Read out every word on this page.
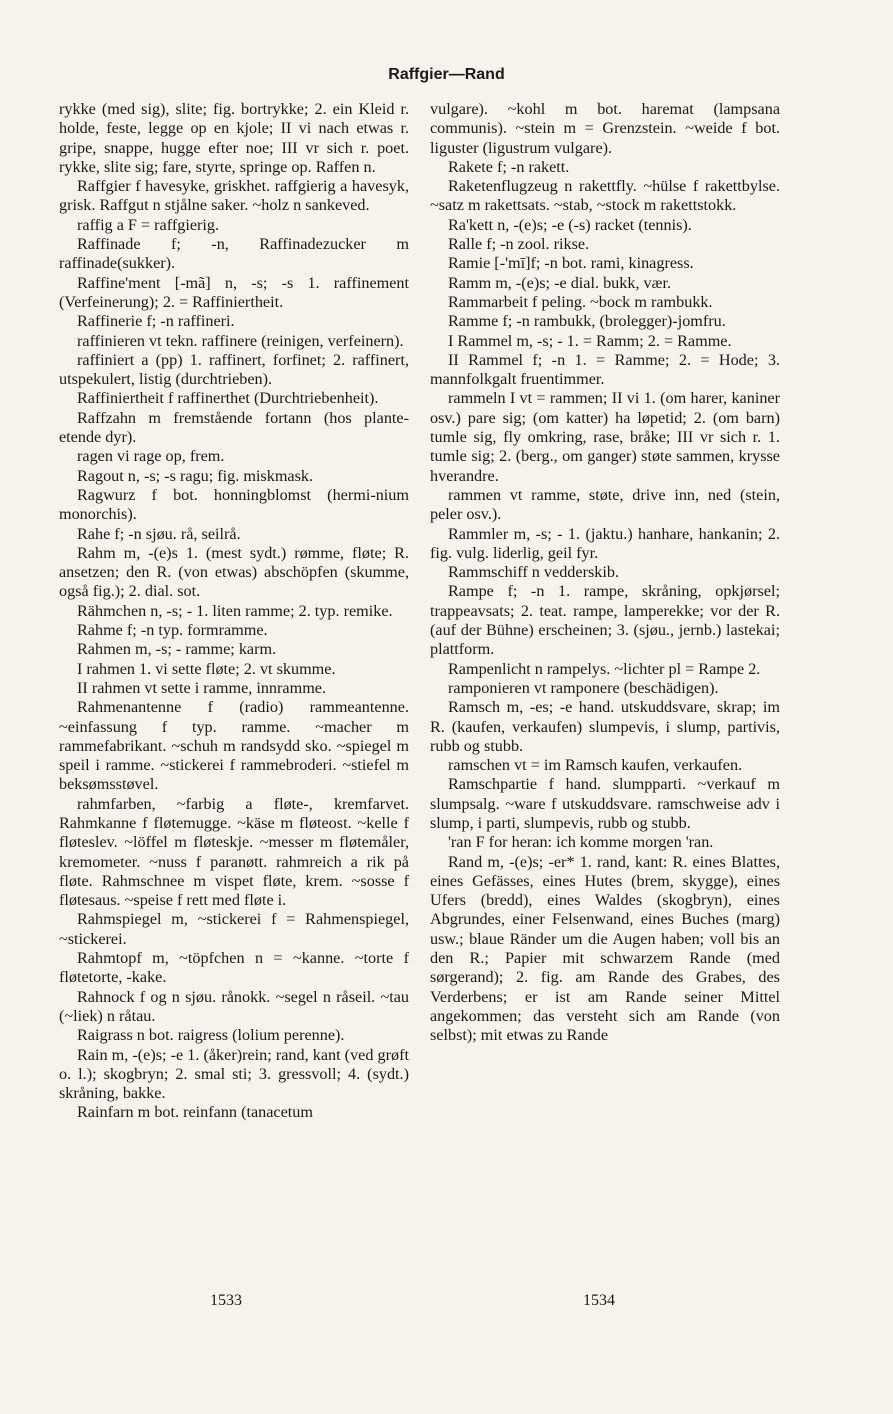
Raffgier—Rand

rykke (med sig), slite; fig. bortrykke; 2. ein Kleid r. holde, feste, legge op en kjole; II vi nach etwas r. gripe, snappe, hugge efter noe; III vr sich r. poet. rykke, slite sig; fare, styrte, springe op. Raffen n.

Raffgier f havesyke, griskhet. raffgierig a havesyk, grisk. Raffgut n stjålne saker. ~holz n sankeved.

raffig a F = raffgierig.

Raffinade f; -n, Raffinadezucker m raffinade(sukker).

Raffine'ment [-mã] n, -s; -s 1. raffinement (Verfeinerung); 2. = Raffiniertheit.

Raffinerie f; -n raffineri.

raffinieren vt tekn. raffinere (reinigen, verfeinern).

raffiniert a (pp) 1. raffinert, forfinet; 2. raffinert, utspekulert, listig (durchtrieben).

Raffiniertheit f raffinerthet (Durchtriebenheit).

Raffzahn m fremstående fortann (hos plante-etende dyr).

ragen vi rage op, frem.

Ragout n, -s; -s ragu; fig. miskmask.

Ragwurz f bot. honningblomst (hermi-nium monorchis).

Rahe f; -n sjøu. rå, seilrå.

Rahm m, -(e)s 1. (mest sydt.) rømme, fløte; R. ansetzen; den R. (von etwas) abschöpfen (skumme, også fig.); 2. dial. sot.

Rähmchen n, -s; - 1. liten ramme; 2. typ. remike.

Rahme f; -n typ. formramme.

Rahmen m, -s; - ramme; karm.

I rahmen 1. vi sette fløte; 2. vt skumme.

II rahmen vt sette i ramme, innramme.

Rahmenantenne f (radio) rammeantenne. ~einfassung f typ. ramme. ~macher m rammefabrikant. ~schuh m randsydd sko. ~spiegel m speil i ramme. ~stickerei f rammebroderi. ~stiefel m beksømsstøvel.

rahmfarben, ~farbig a fløte-, kremfarvet. Rahmkanne f fløtemugge. ~käse m fløteost. ~kelle f fløteslev. ~löffel m fløteskje. ~messer m fløtemåler, kremometer. ~nuss f paranøtt. rahmreich a rik på fløte. Rahmschnee m vispet fløte, krem. ~sosse f fløtesaus. ~speise f rett med fløte i.

Rahmspiegel m, ~stickerei f = Rahmenspiegel, ~stickerei.

Rahmtopf m, ~töpfchen n = ~kanne. ~torte f fløtetorte, -kake.

Rahnock f og n sjøu. rånokk. ~segel n råseil. ~tau (~liek) n råtau.

Raigrass n bot. raigress (lolium perenne).

Rain m, -(e)s; -e 1. (åker)rein; rand, kant (ved grøft o. l.); skogbryn; 2. smal sti; 3. gressvoll; 4. (sydt.) skråning, bakke.

Rainfarn m bot. reinfann (tanacetum

vulgare). ~kohl m bot. haremat (lampsana communis). ~stein m = Grenzstein. ~weide f bot. liguster (ligustrum vulgare).

Rakete f; -n rakett.

Raketenflugzeug n rakettfly. ~hülse f rakettbylse. ~satz m rakettsats. ~stab, ~stock m rakettstokk.

Ra'kett n, -(e)s; -e (-s) racket (tennis).

Ralle f; -n zool. rikse.

Ramie [-'mī]f; -n bot. rami, kinagress.

Ramm m, -(e)s; -e dial. bukk, vær.

Rammarbeit f peling. ~bock m rambukk.

Ramme f; -n rambukk, (brolegger)-jomfru.

I Rammel m, -s; - 1. = Ramm; 2. = Ramme.

II Rammel f; -n 1. = Ramme; 2. = Hode; 3. mannfolkgalt fruentimmer.

rammeln I vt = rammen; II vi 1. (om harer, kaniner osv.) pare sig; (om katter) ha løpetid; 2. (om barn) tumle sig, fly omkring, rase, bråke; III vr sich r. 1. tumle sig; 2. (berg., om ganger) støte sammen, krysse hverandre.

rammen vt ramme, støte, drive inn, ned (stein, peler osv.).

Rammler m, -s; - 1. (jaktu.) hanhare, hankanin; 2. fig. vulg. liderlig, geil fyr.

Rammschiff n vedderskib.

Rampe f; -n 1. rampe, skråning, opkjørsel; trappeavsats; 2. teat. rampe, lamperekke; vor der R. (auf der Bühne) erscheinen; 3. (sjøu., jernb.) lastekai; plattform.

Rampenlicht n rampelys. ~lichter pl = Rampe 2.

ramponieren vt ramponere (beschädigen).

Ramsch m, -es; -e hand. utskuddsvare, skrap; im R. (kaufen, verkaufen) slumpevis, i slump, partivis, rubb og stubb.

ramschen vt = im Ramsch kaufen, verkaufen.

Ramschpartie f hand. slumpparti. ~verkauf m slumpsalg. ~ware f utskuddsvare. ramschweise adv i slump, i parti, slumpevis, rubb og stubb.

'ran F for heran: ich komme morgen 'ran.

Rand m, -(e)s; -er* 1. rand, kant: R. eines Blattes, eines Gefässes, eines Hutes (brem, skygge), eines Ufers (bredd), eines Waldes (skogbryn), eines Abgrundes, einer Felsenwand, eines Buches (marg) usw.; blaue Ränder um die Augen haben; voll bis an den R.; Papier mit schwarzem Rande (med sørgerand); 2. fig. am Rande des Grabes, des Verderbens; er ist am Rande seiner Mittel angekommen; das versteht sich am Rande (von selbst); mit etwas zu Rande

1533	1534
